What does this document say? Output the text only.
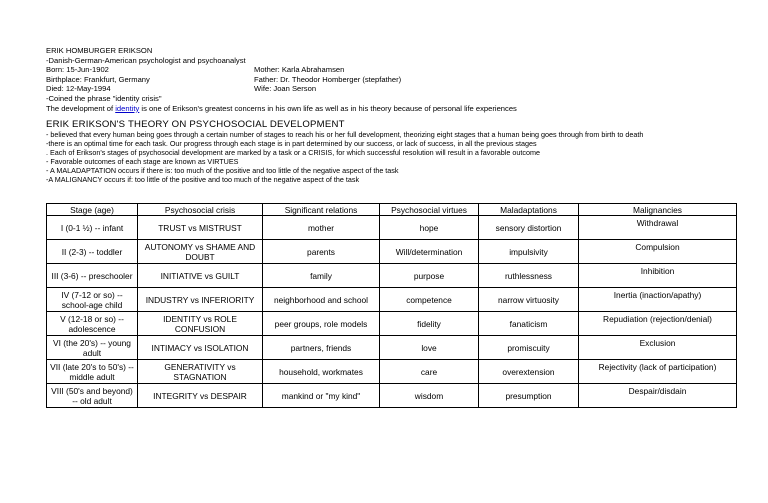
ERIK HOMBURGER ERIKSON
-Danish-German-American psychologist and psychoanalyst
Born: 15-Jun-1902	Mother: Karla Abrahamsen
Birthplace: Frankfurt, Germany	Father: Dr. Theodor Homberger (stepfather)
Died: 12-May-1994	Wife: Joan Serson
-Coined the phrase "identity crisis"
The development of identity is one of Erikson's greatest concerns in his own life as well as in his theory because of personal life experiences
ERIK ERIKSON'S THEORY ON PSYCHOSOCIAL DEVELOPMENT
- believed that every human being goes through a certain number of stages to reach his or her full development, theorizing eight stages that a human being goes through from birth to death
-there is an optimal time for each task. Our progress through each stage is in part determined by our success, or lack of success, in all the previous stages
. Each of Erikson's stages of psychosocial development are marked by a task or a CRISIS, for which successful resolution will result in a favorable outcome
- Favorable outcomes of each stage are known as VIRTUES
- A MALADAPTATION occurs if there is: too much of the positive and too little of the negative aspect of the task
-A MALIGNANCY occurs if: too little of the positive and too much of the negative aspect of the task
Stage (age)	Psychosocial crisis	Significant relations	Psychosocial virtues	Maladaptations	Malignancies
I (0-1 ½) -- infant	TRUST vs MISTRUST	mother	hope	sensory distortion	Withdrawal
II (2-3) -- toddler	AUTONOMY vs SHAME AND DOUBT	parents	Will/determination	impulsivity	Compulsion
III (3-6) -- preschooler	INITIATIVE vs GUILT	family	purpose	ruthlessness	Inhibition
IV (7-12 or so) -- school-age child	INDUSTRY vs INFERIORITY	neighborhood and school	competence	narrow virtuosity	Inertia (inaction/apathy)
V (12-18 or so) -- adolescence	IDENTITY vs ROLE CONFUSION	peer groups, role models	fidelity	fanaticism	Repudiation (rejection/denial)
VI (the 20's) -- young adult	INTIMACY vs ISOLATION	partners, friends	love	promiscuity	Exclusion
VII (late 20's to 50's) -- middle adult	GENERATIVITY vs STAGNATION	household, workmates	care	overextension	Rejectivity (lack of participation)
VIII (50's and beyond) -- old adult	INTEGRITY vs DESPAIR	mankind or "my kind"	wisdom	presumption	Despair/disdain
